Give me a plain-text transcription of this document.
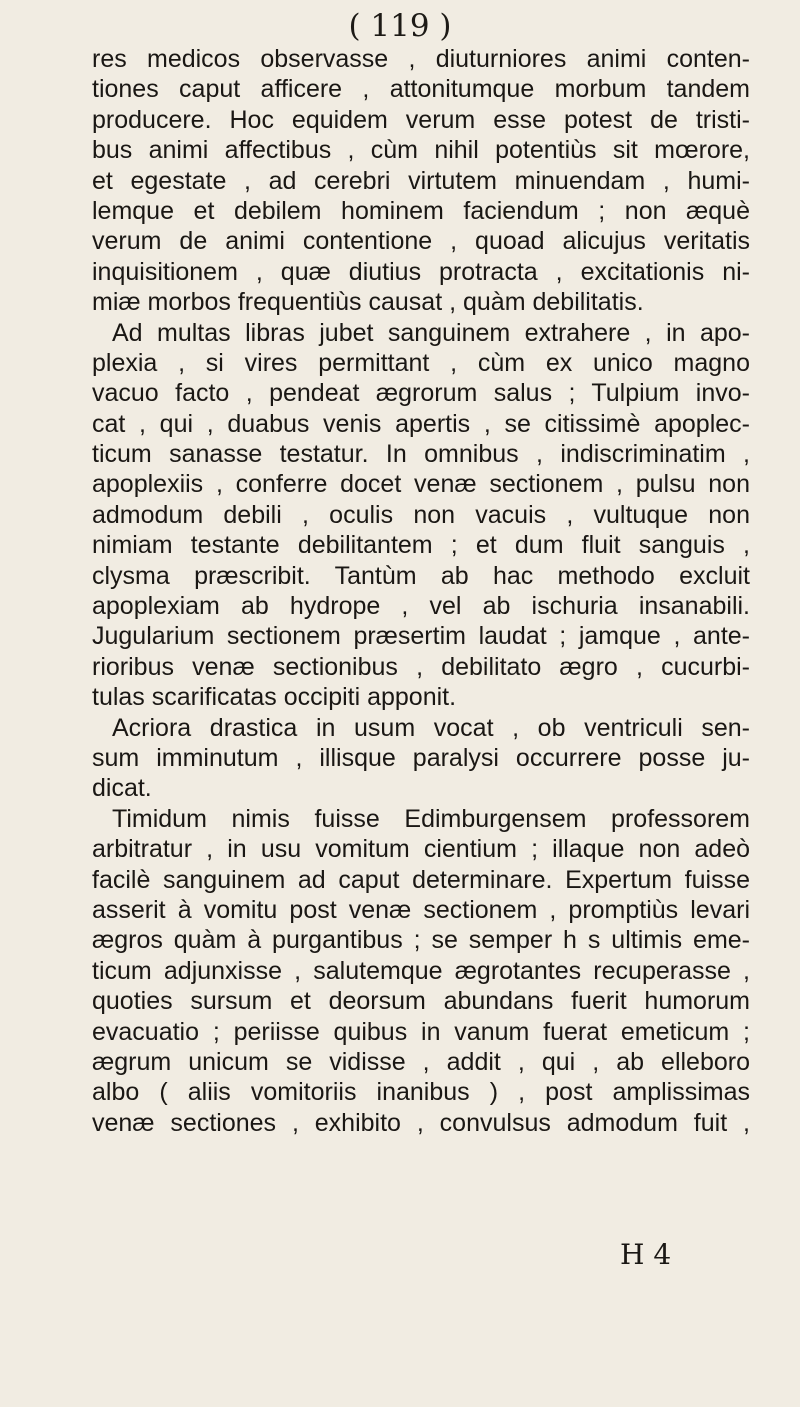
( 119 )
res medicos observasse , diuturniores animi conten-
tiones caput afficere , attonitumque morbum tandem
producere. Hoc equidem verum esse potest de tristi-
bus animi affectibus , cùm nihil potentiùs sit mœrore,
et egestate , ad cerebri virtutem minuendam , humi-
lemque et debilem hominem faciendum ; non æquè
verum de animi contentione , quoad alicujus veritatis
inquisitionem , quæ diutius protracta , excitationis ni-
miæ morbos frequentiùs causat , quàm debilitatis.
Ad multas libras jubet sanguinem extrahere , in apo-
plexia , si vires permittant , cùm ex unico magno
vacuo facto , pendeat ægrorum salus ; Tulpium invo-
cat , qui , duabus venis apertis , se citissimè apoplec-
ticum sanasse testatur. In omnibus , indiscriminatim ,
apoplexiis , conferre docet venæ sectionem , pulsu non
admodum debili , oculis non vacuis , vultuque non
nimiam testante debilitantem ; et dum fluit sanguis ,
clysma præscribit. Tantùm ab hac methodo excluit
apoplexiam ab hydrope , vel ab ischuria insanabili.
Jugularium sectionem præsertim laudat ; jamque , ante-
rioribus venæ sectionibus , debilitato ægro , cucurbi-
tulas scarificatas occipiti apponit.
Acriora drastica in usum vocat , ob ventriculi sen-
sum imminutum , illisque paralysi occurrere posse ju-
dicat.
Timidum nimis fuisse Edimburgensem professorem
arbitratur , in usu vomitum cientium ; illaque non adeò
facilè sanguinem ad caput determinare. Expertum fuisse
asserit à vomitu post venæ sectionem , promptiùs levari
ægros quàm à purgantibus ; se semper h s ultimis eme-
ticum adjunxisse , salutemque ægrotantes recuperasse ,
quoties sursum et deorsum abundans fuerit humorum
evacuatio ; periisse quibus in vanum fuerat emeticum ;
ægrum unicum se vidisse , addit , qui , ab elleboro
albo ( aliis vomitoriis inanibus ) , post amplissimas
venæ sectiones , exhibito , convulsus admodum fuit ,
H 4
